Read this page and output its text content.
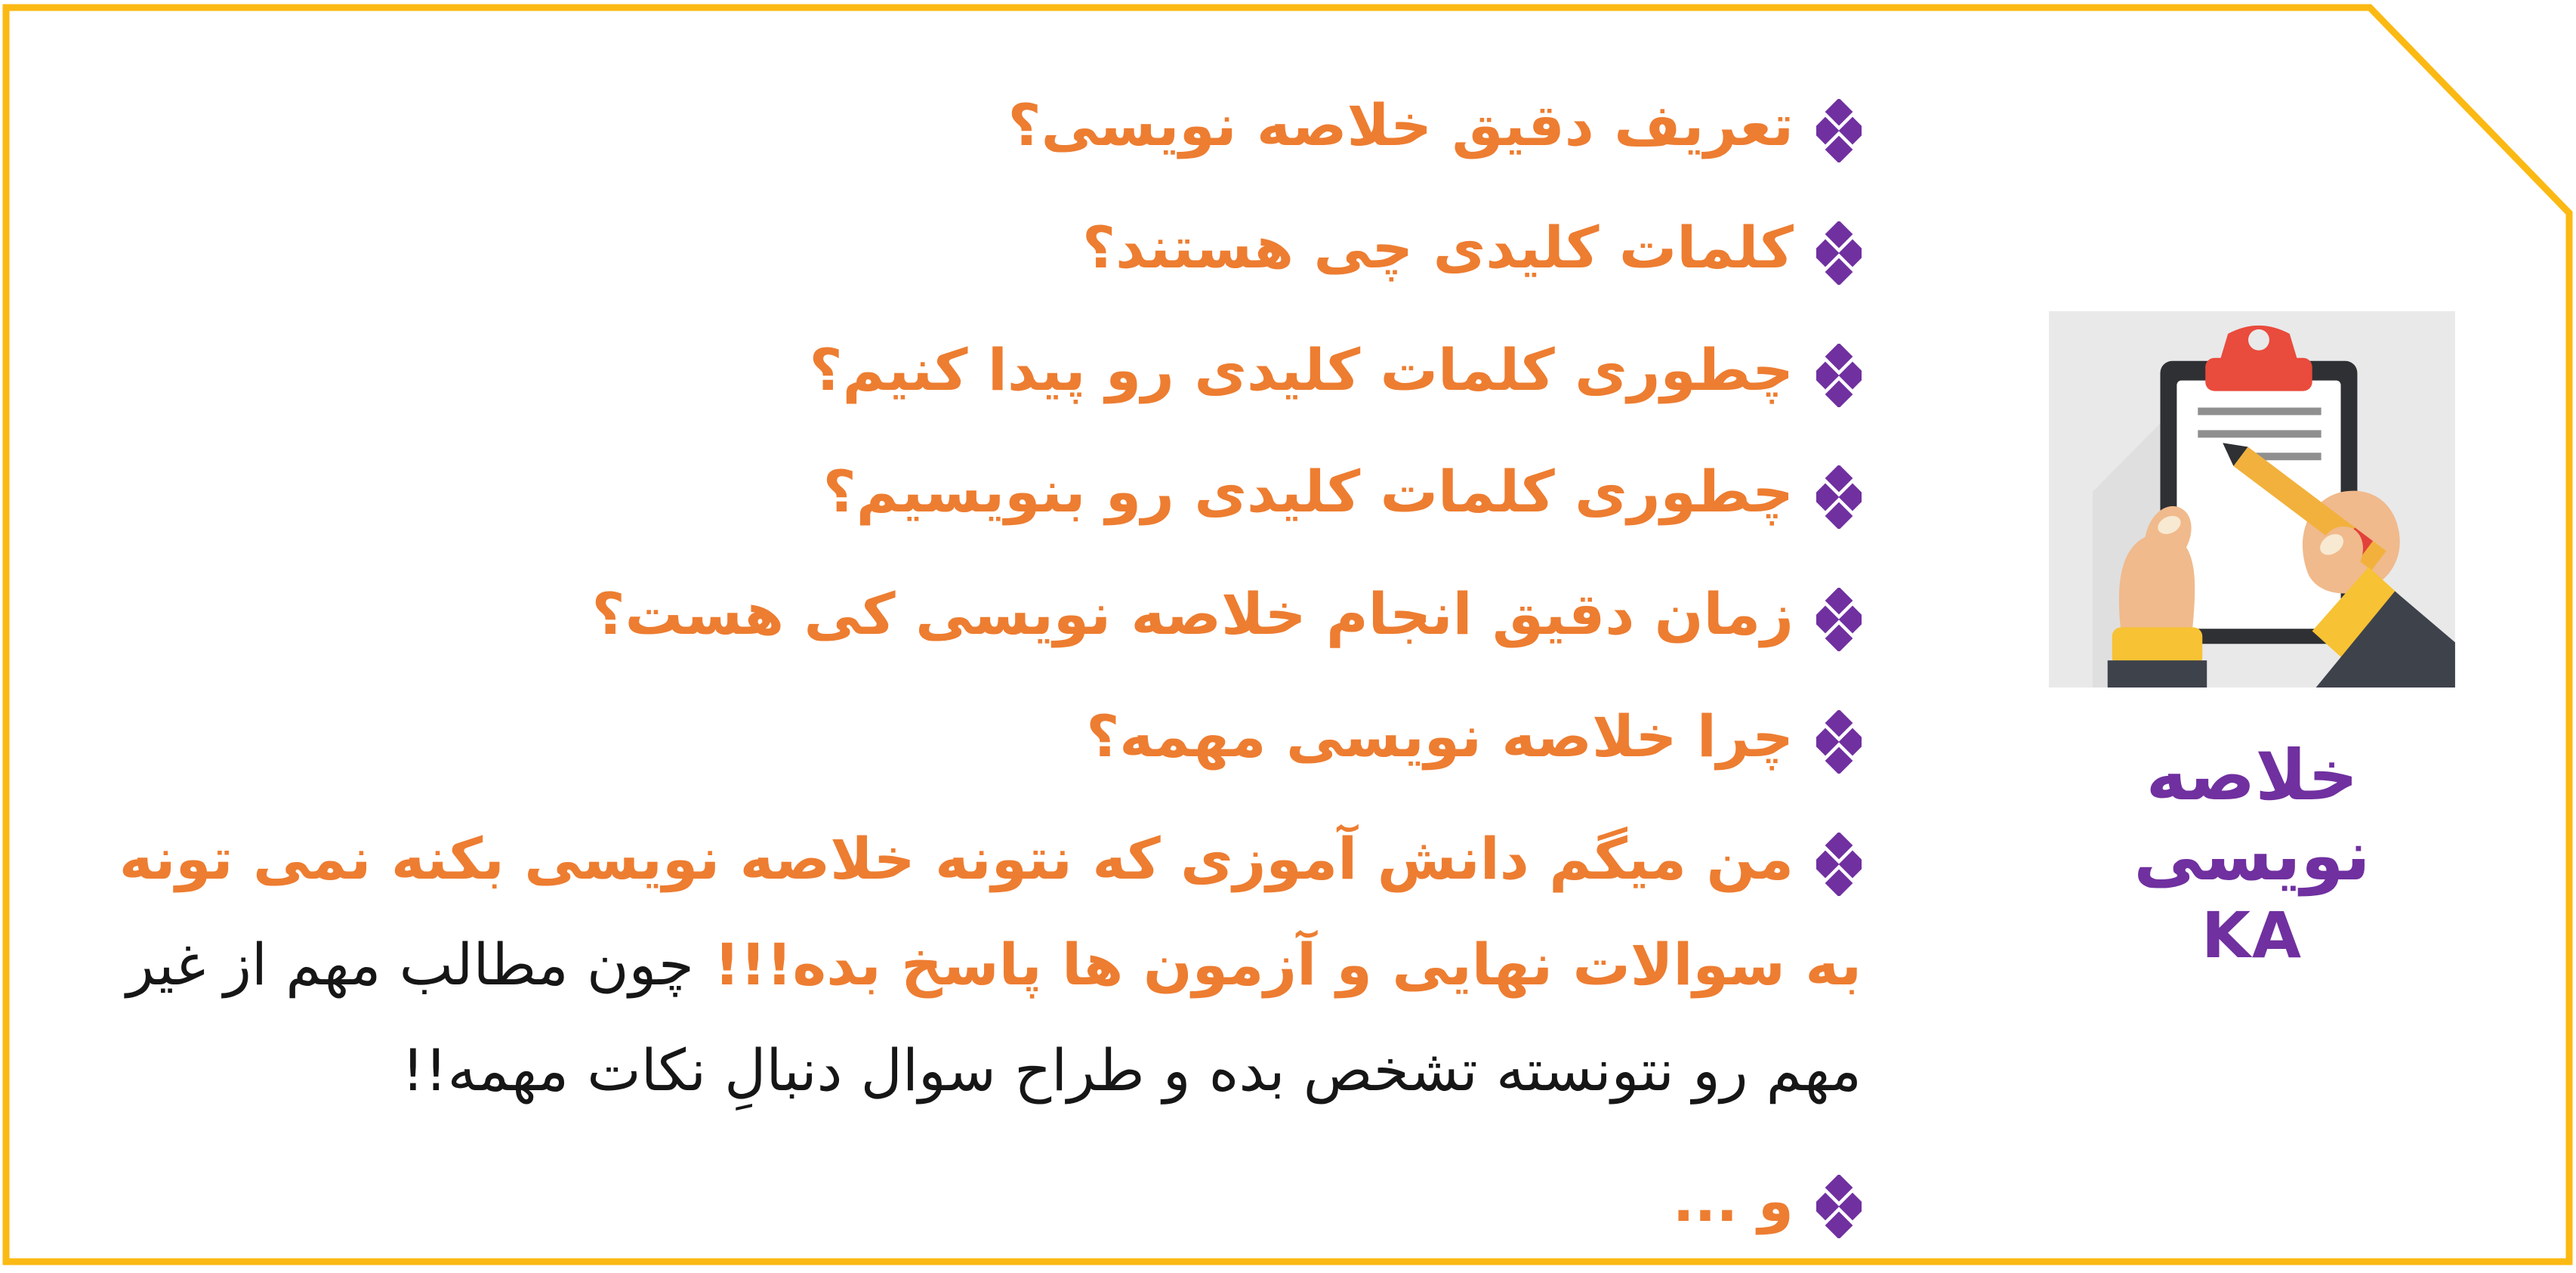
تعریف دقیق خلاصه نویسی؟
کلمات کلیدی چی هستند؟
چطوری کلمات کلیدی رو پیدا کنیم؟
چطوری کلمات کلیدی رو بنویسیم؟
زمان دقیق انجام خلاصه نویسی کی هست؟
چرا خلاصه نویسی مهمه؟
من میگم دانش آموزی که نتونه خلاصه نویسی بکنه نمی تونه به سوالات نهایی و آزمون ها پاسخ بده!!! چون مطالب مهم از غیر مهم رو نتونسته تشخص بده و طراح سوال دنبالِ نکات مهمه!!
و ...
خلاصه نویسی
KA
